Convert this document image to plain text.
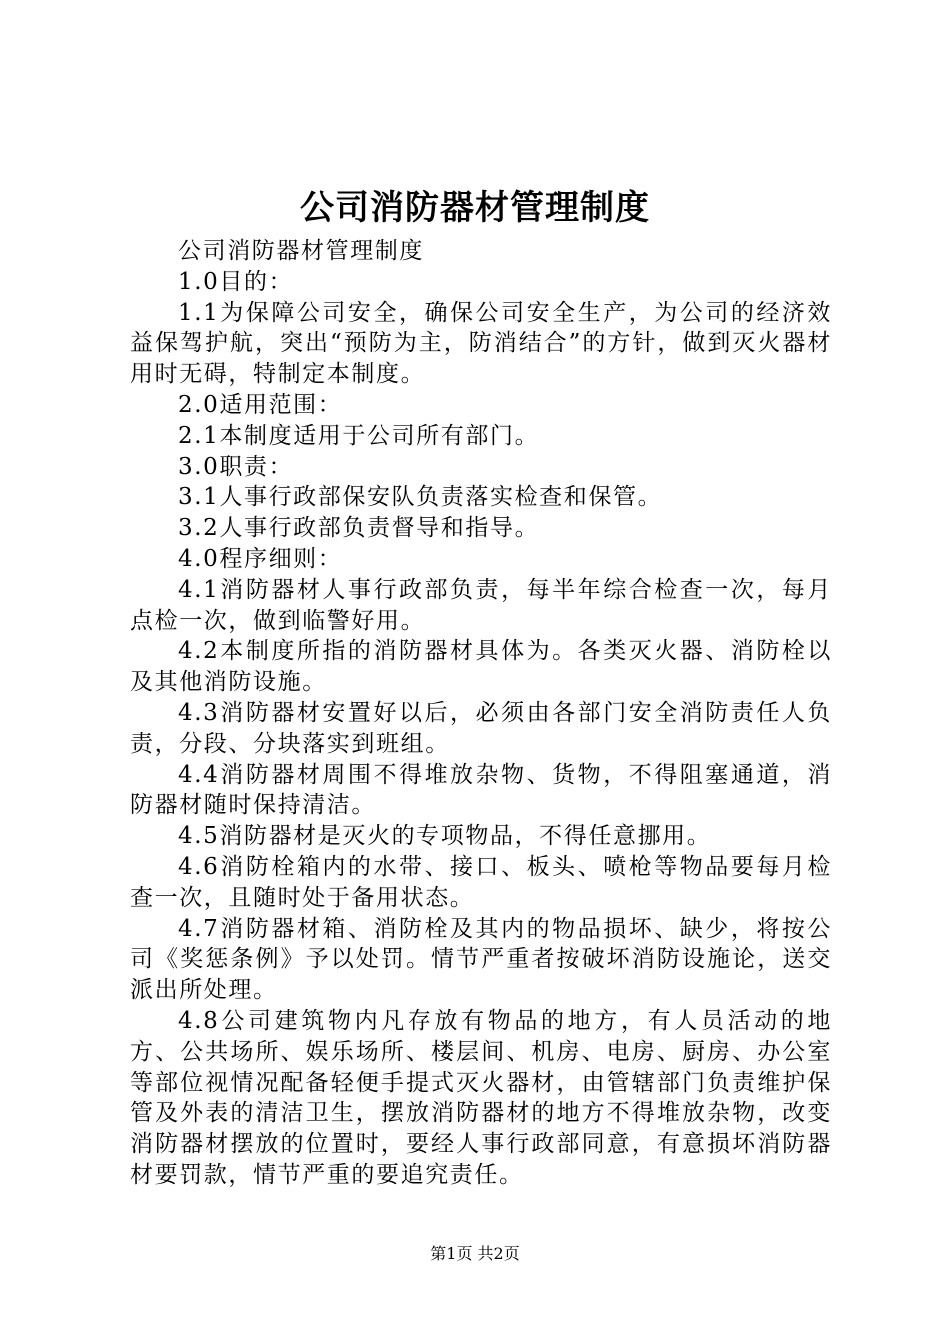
公司消防器材管理制度

公司消防器材管理制度

1.0目的：

1.1为保障公司安全，确保公司安全生产，为公司的经济效益保驾护航，突出“预防为主，防消结合”的方针，做到灭火器材用时无碍，特制定本制度。

2.0适用范围：

2.1本制度适用于公司所有部门。

3.0职责：

3.1人事行政部保安队负责落实检查和保管。

3.2人事行政部负责督导和指导。

4.0程序细则：

4.1消防器材人事行政部负责，每半年综合检查一次，每月点检一次，做到临警好用。

4.2本制度所指的消防器材具体为。各类灭火器、消防栓以及其他消防设施。

4.3消防器材安置好以后，必须由各部门安全消防责任人负责，分段、分块落实到班组。

4.4消防器材周围不得堆放杂物、货物，不得阻塞通道，消防器材随时保持清洁。

4.5消防器材是灭火的专项物品，不得任意挪用。

4.6消防栓箱内的水带、接口、板头、喷枪等物品要每月检查一次，且随时处于备用状态。

4.7消防器材箱、消防栓及其内的物品损坏、缺少，将按公司《奖惩条例》予以处罚。情节严重者按破坏消防设施论，送交派出所处理。

4.8公司建筑物内凡存放有物品的地方，有人员活动的地方、公共场所、娱乐场所、楼层间、机房、电房、厨房、办公室等部位视情况配备轻便手提式灭火器材，由管辖部门负责维护保管及外表的清洁卫生，摆放消防器材的地方不得堆放杂物，改变消防器材摆放的位置时，要经人事行政部同意，有意损坏消防器材要罚款，情节严重的要追究责任。

第1页 共2页
